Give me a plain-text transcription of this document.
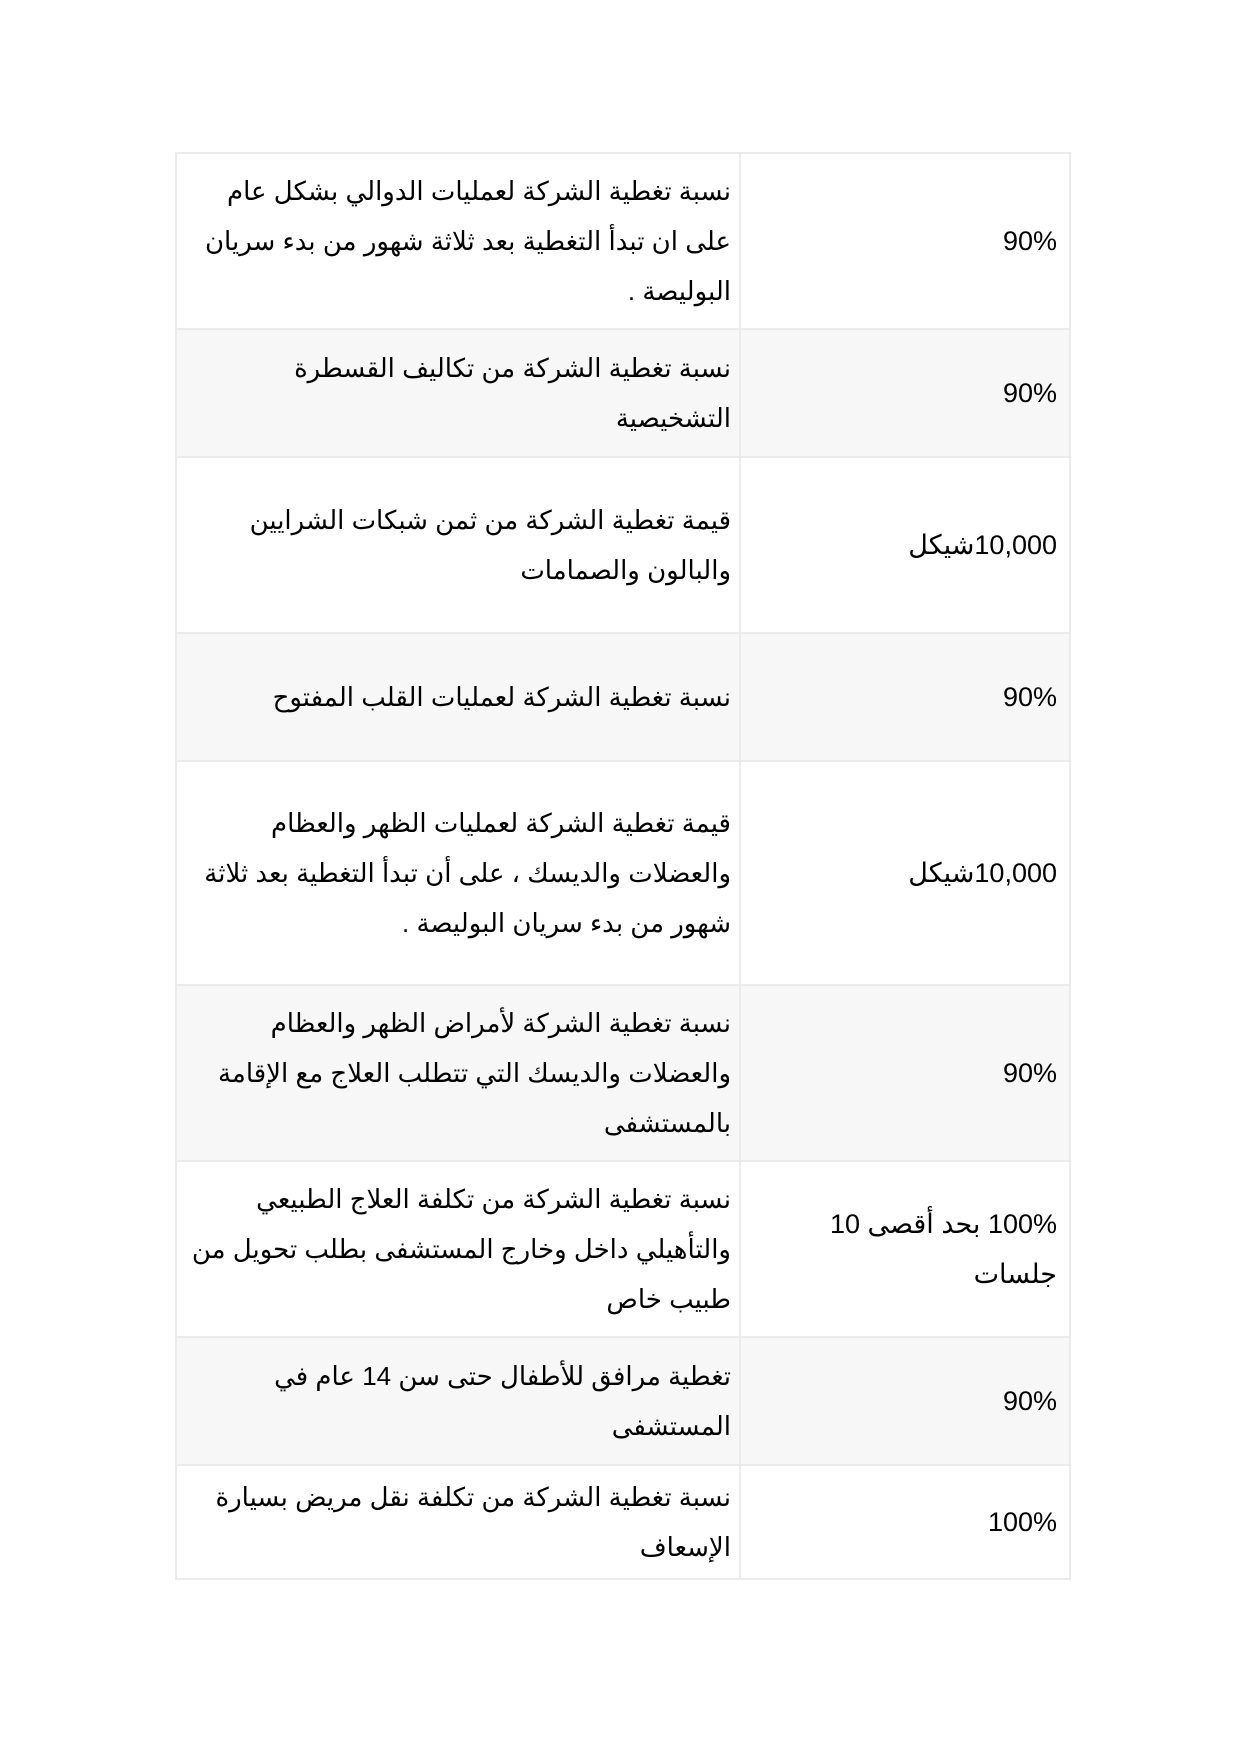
90%	نسبة تغطية الشركة لعمليات الدوالي بشكل عام على ان تبدأ التغطية بعد ثلاثة شهور من بدء سريان البوليصة .
90%	نسبة تغطية الشركة من تكاليف القسطرة التشخيصية
10,000شيكل	قيمة تغطية الشركة من ثمن شبكات الشرايين والبالون والصمامات
90%	نسبة تغطية الشركة لعمليات القلب المفتوح
10,000شيكل	قيمة تغطية الشركة لعمليات الظهر والعظام والعضلات والديسك ، على أن تبدأ التغطية بعد ثلاثة شهور من بدء سريان البوليصة .
90%	نسبة تغطية الشركة لأمراض الظهر والعظام والعضلات والديسك التي تتطلب العلاج مع الإقامة بالمستشفى
100% بحد أقصى 10 جلسات	نسبة تغطية الشركة من تكلفة العلاج الطبيعي والتأهيلي داخل وخارج المستشفى بطلب تحويل من طبيب خاص
90%	تغطية مرافق للأطفال حتى سن 14 عام في المستشفى
100%	نسبة تغطية الشركة من تكلفة نقل مريض بسيارة الإسعاف
